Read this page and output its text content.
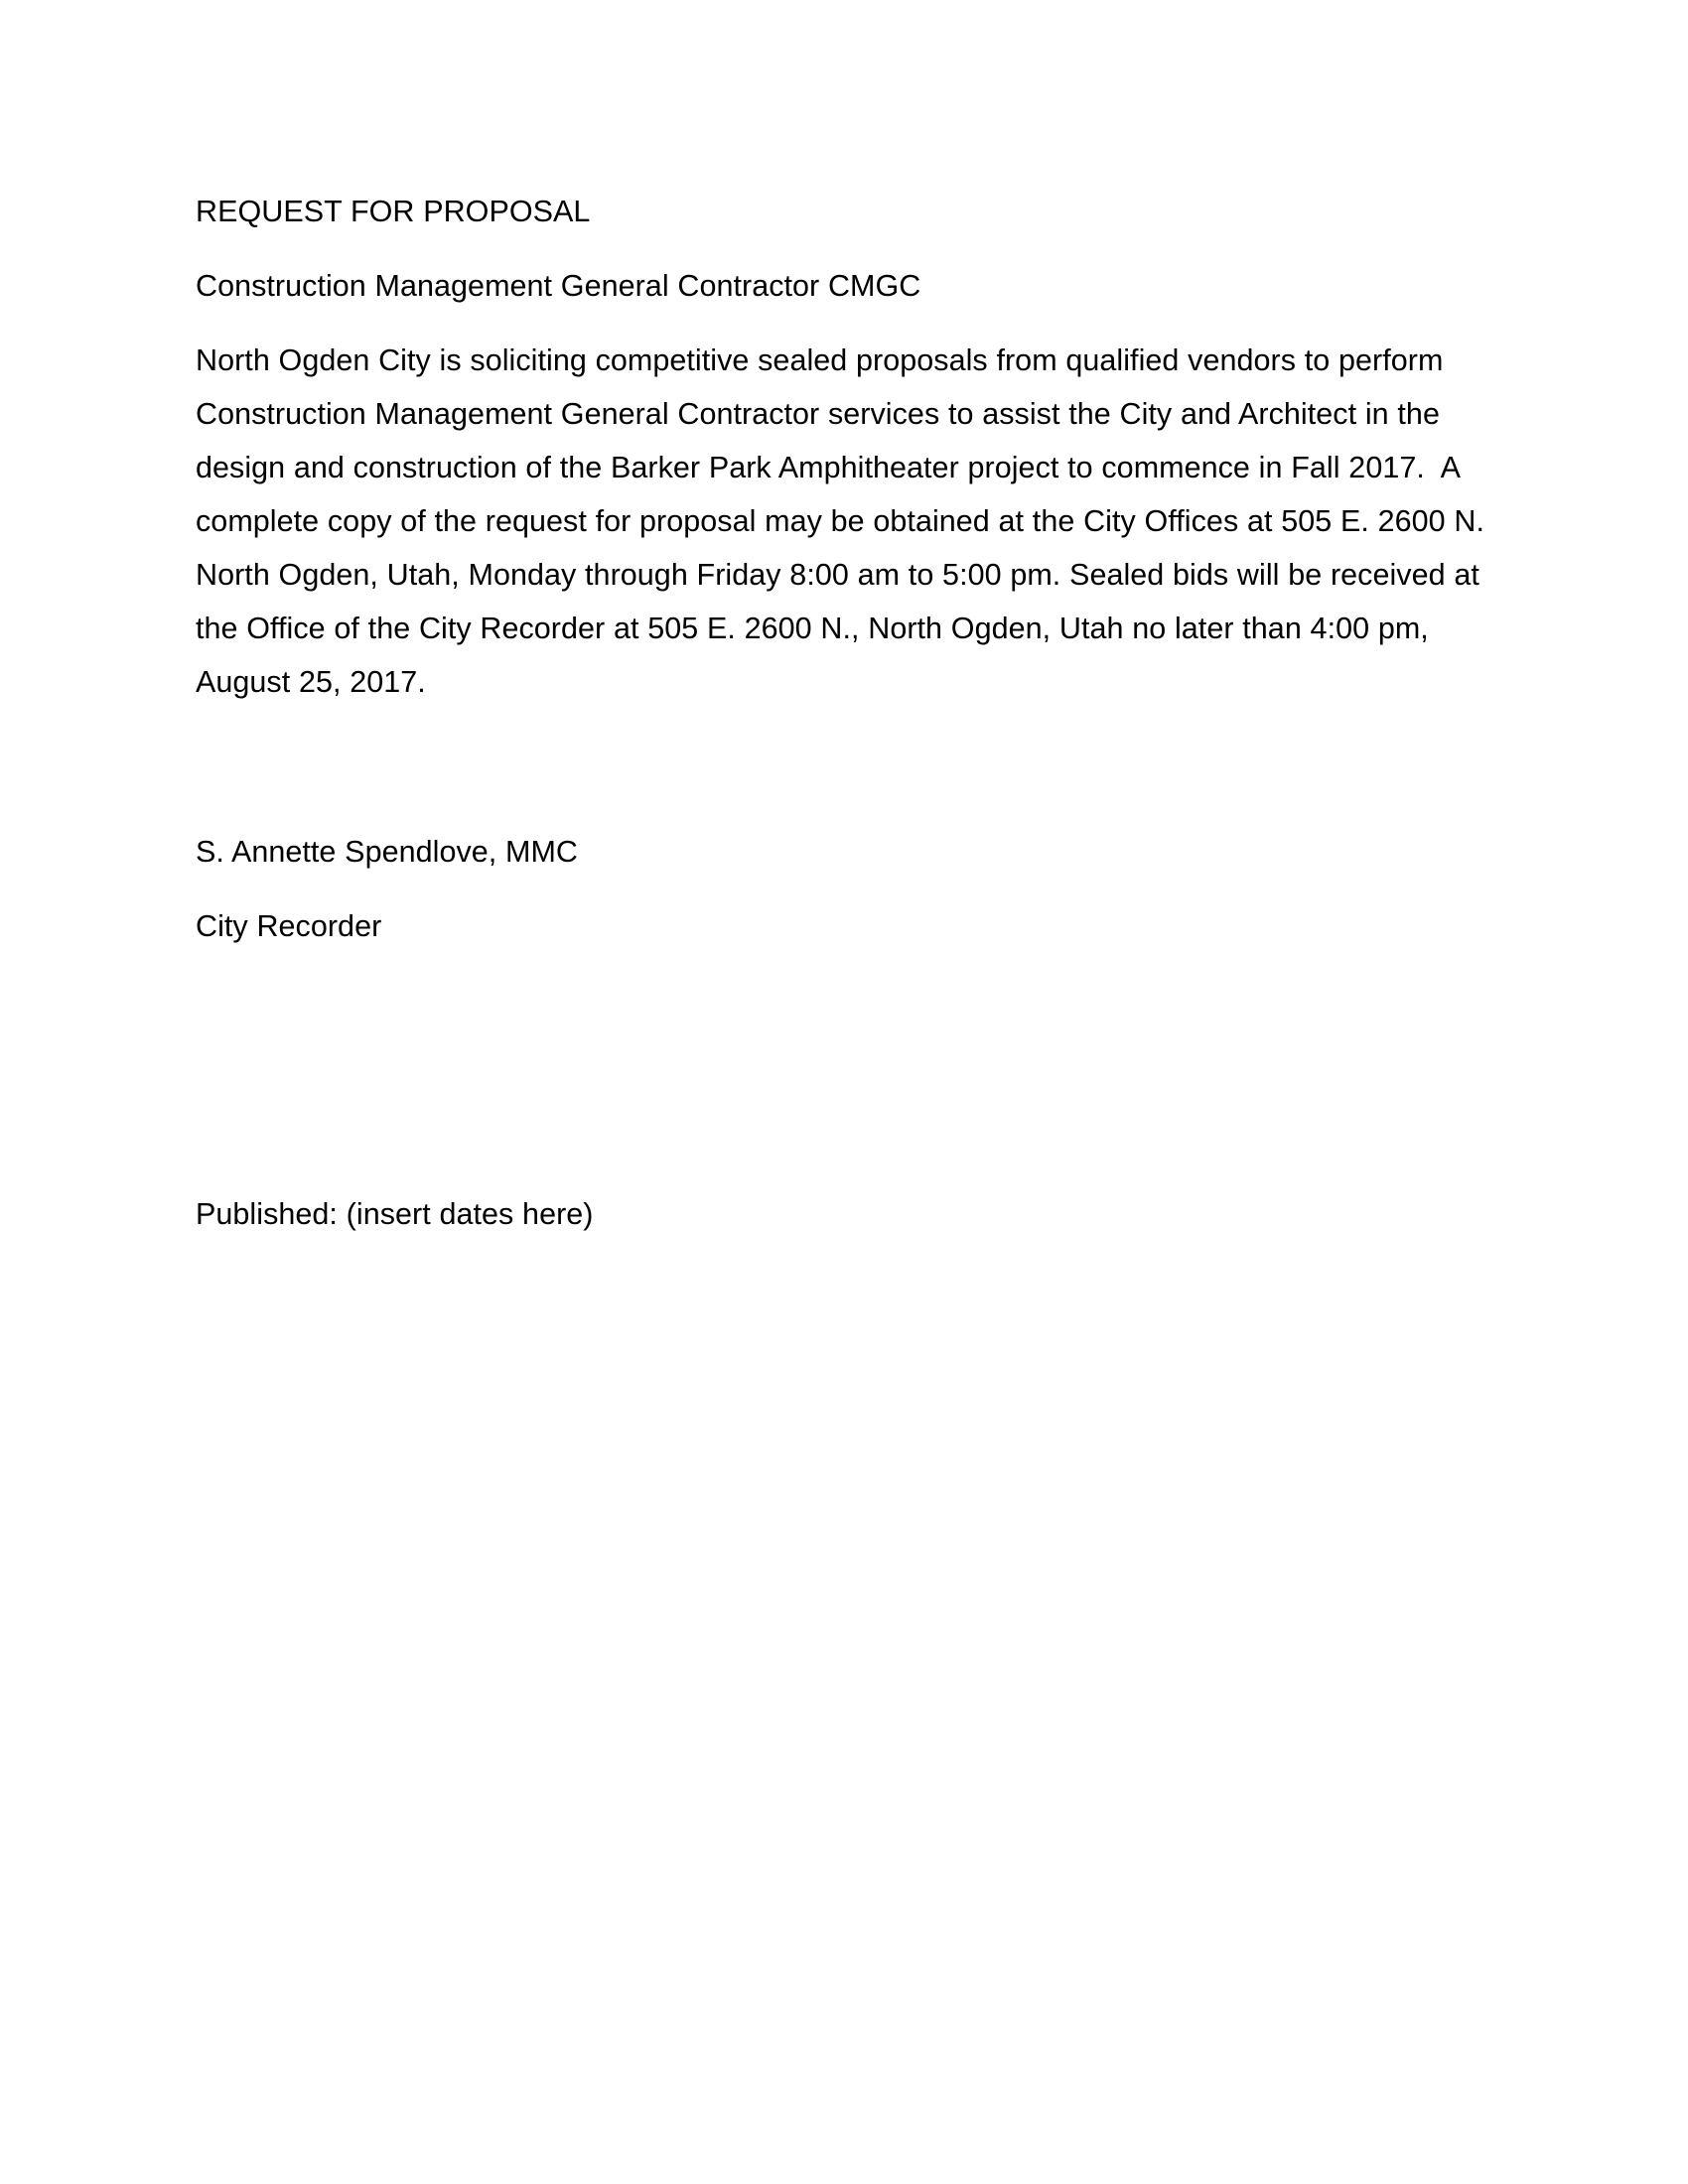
REQUEST FOR PROPOSAL

Construction Management General Contractor CMGC

North Ogden City is soliciting competitive sealed proposals from qualified vendors to perform Construction Management General Contractor services to assist the City and Architect in the design and construction of the Barker Park Amphitheater project to commence in Fall 2017.  A complete copy of the request for proposal may be obtained at the City Offices at 505 E. 2600 N. North Ogden, Utah, Monday through Friday 8:00 am to 5:00 pm. Sealed bids will be received at the Office of the City Recorder at 505 E. 2600 N., North Ogden, Utah no later than 4:00 pm, August 25, 2017.

S. Annette Spendlove, MMC

City Recorder

Published: (insert dates here)
